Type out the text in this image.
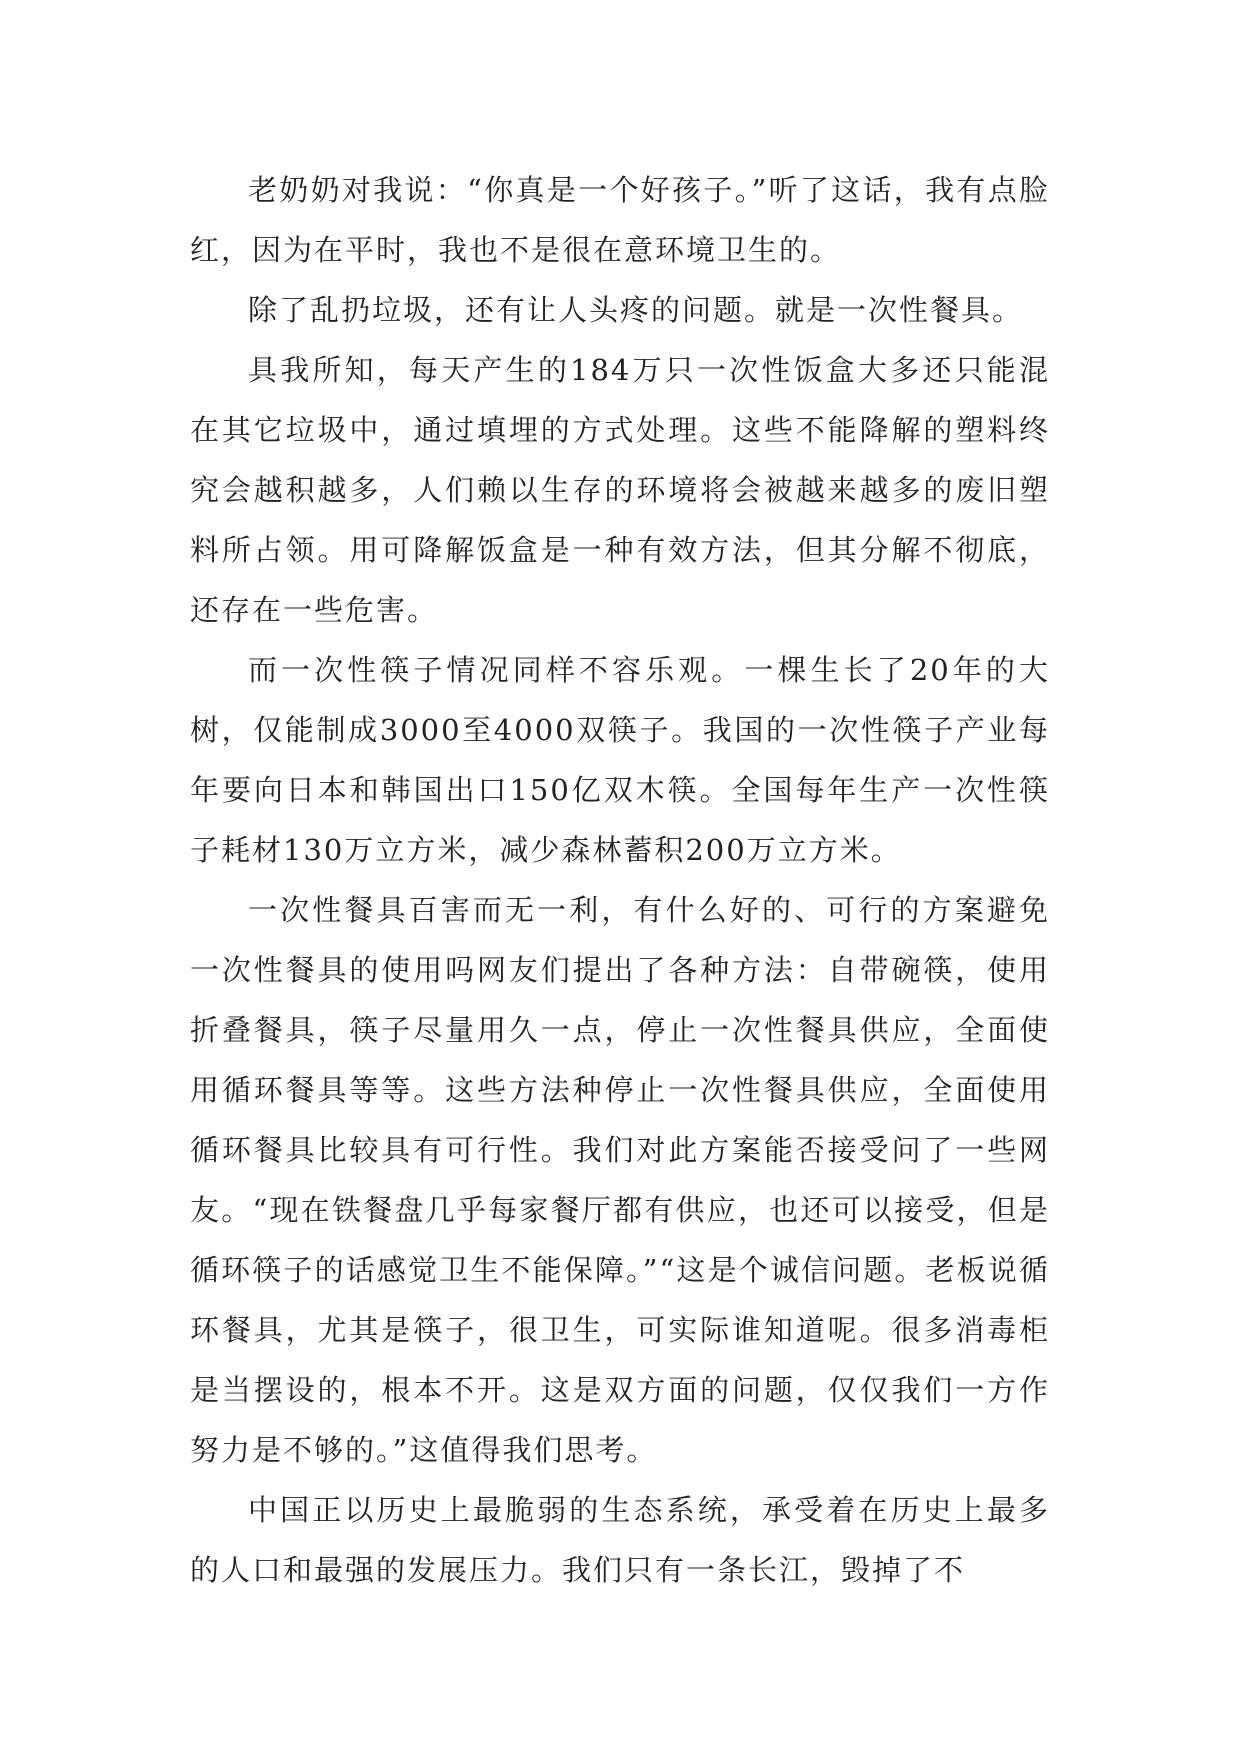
老奶奶对我说：“你真是一个好孩子。”听了这话，我有点脸红，因为在平时，我也不是很在意环境卫生的。

除了乱扔垃圾，还有让人头疼的问题。就是一次性餐具。

具我所知，每天产生的184万只一次性饭盒大多还只能混在其它垃圾中，通过填埋的方式处理。这些不能降解的塑料终究会越积越多，人们赖以生存的环境将会被越来越多的废旧塑料所占领。用可降解饭盒是一种有效方法，但其分解不彻底，还存在一些危害。

而一次性筷子情况同样不容乐观。一棵生长了20年的大树，仅能制成3000至4000双筷子。我国的一次性筷子产业每年要向日本和韩国出口150亿双木筷。全国每年生产一次性筷子耗材130万立方米，减少森林蓄积200万立方米。

一次性餐具百害而无一利，有什么好的、可行的方案避免一次性餐具的使用吗网友们提出了各种方法：自带碗筷，使用折叠餐具，筷子尽量用久一点，停止一次性餐具供应，全面使用循环餐具等等。这些方法种停止一次性餐具供应，全面使用循环餐具比较具有可行性。我们对此方案能否接受问了一些网友。“现在铁餐盘几乎每家餐厅都有供应，也还可以接受，但是循环筷子的话感觉卫生不能保障。”“这是个诚信问题。老板说循环餐具，尤其是筷子，很卫生，可实际谁知道呢。很多消毒柜是当摆设的，根本不开。这是双方面的问题，仅仅我们一方作努力是不够的。”这值得我们思考。

中国正以历史上最脆弱的生态系统，承受着在历史上最多的人口和最强的发展压力。我们只有一条长江，毁掉了不
